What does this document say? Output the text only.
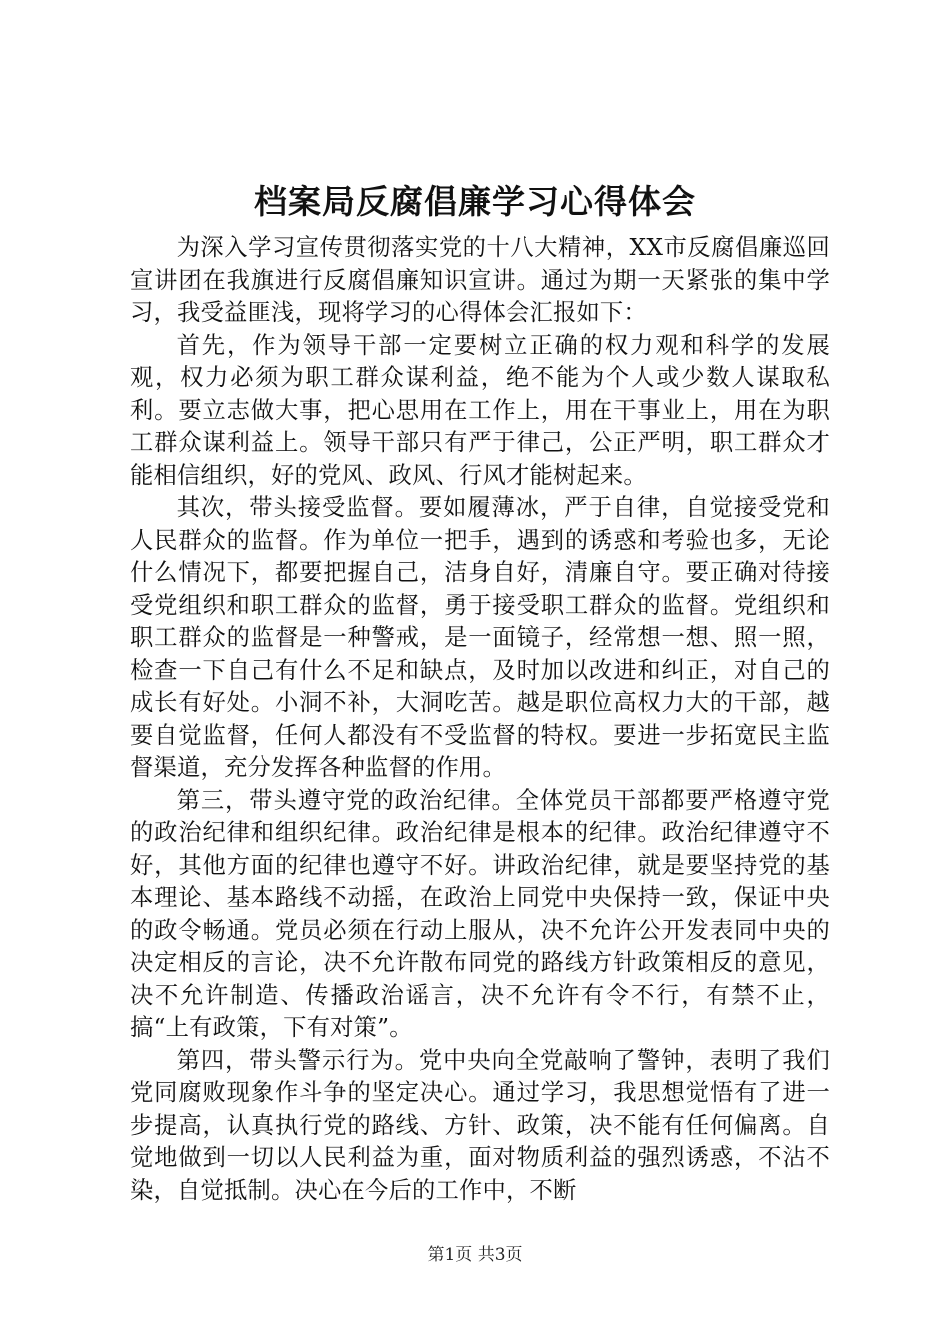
档案局反腐倡廉学习心得体会

为深入学习宣传贯彻落实党的十八大精神，XX市反腐倡廉巡回宣讲团在我旗进行反腐倡廉知识宣讲。通过为期一天紧张的集中学习，我受益匪浅，现将学习的心得体会汇报如下：

首先，作为领导干部一定要树立正确的权力观和科学的发展观，权力必须为职工群众谋利益，绝不能为个人或少数人谋取私利。要立志做大事，把心思用在工作上，用在干事业上，用在为职工群众谋利益上。领导干部只有严于律己，公正严明，职工群众才能相信组织，好的党风、政风、行风才能树起来。

其次，带头接受监督。要如履薄冰，严于自律，自觉接受党和人民群众的监督。作为单位一把手，遇到的诱惑和考验也多，无论什么情况下，都要把握自己，洁身自好，清廉自守。要正确对待接受党组织和职工群众的监督，勇于接受职工群众的监督。党组织和职工群众的监督是一种警戒，是一面镜子，经常想一想、照一照，检查一下自己有什么不足和缺点，及时加以改进和纠正，对自己的成长有好处。小洞不补，大洞吃苦。越是职位高权力大的干部，越要自觉监督，任何人都没有不受监督的特权。要进一步拓宽民主监督渠道，充分发挥各种监督的作用。

第三，带头遵守党的政治纪律。全体党员干部都要严格遵守党的政治纪律和组织纪律。政治纪律是根本的纪律。政治纪律遵守不好，其他方面的纪律也遵守不好。讲政治纪律，就是要坚持党的基本理论、基本路线不动摇，在政治上同党中央保持一致，保证中央的政令畅通。党员必须在行动上服从，决不允许公开发表同中央的决定相反的言论，决不允许散布同党的路线方针政策相反的意见，决不允许制造、传播政治谣言，决不允许有令不行，有禁不止，搞“上有政策，下有对策”。

第四，带头警示行为。党中央向全党敲响了警钟，表明了我们党同腐败现象作斗争的坚定决心。通过学习，我思想觉悟有了进一步提高，认真执行党的路线、方针、政策，决不能有任何偏离。自觉地做到一切以人民利益为重，面对物质利益的强烈诱惑，不沾不染，自觉抵制。决心在今后的工作中，不断

第1页 共3页
